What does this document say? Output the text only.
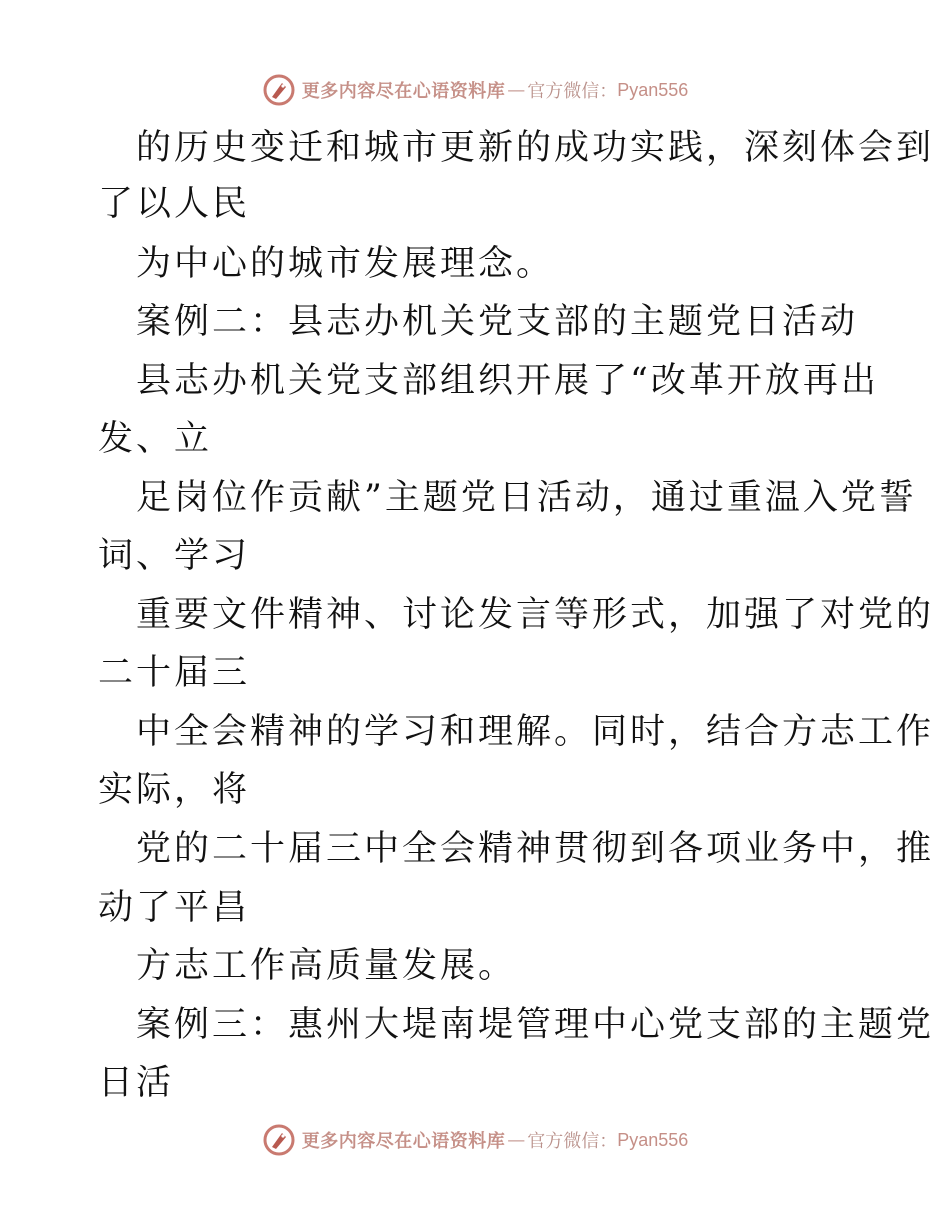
更多内容尽在心语资料库 — 官方微信： Pyan556
的历史变迁和城市更新的成功实践，深刻体会到
了以人民
为中心的城市发展理念。
案例二：县志办机关党支部的主题党日活动
县志办机关党支部组织开展了“改革开放再出
发、立
足岗位作贡献”主题党日活动，通过重温入党誓
词、学习
重要文件精神、讨论发言等形式，加强了对党的
二十届三
中全会精神的学习和理解。同时，结合方志工作
实际，将
党的二十届三中全会精神贯彻到各项业务中，推
动了平昌
方志工作高质量发展。
案例三：惠州大堤南堤管理中心党支部的主题党
日活
更多内容尽在心语资料库 — 官方微信： Pyan556
